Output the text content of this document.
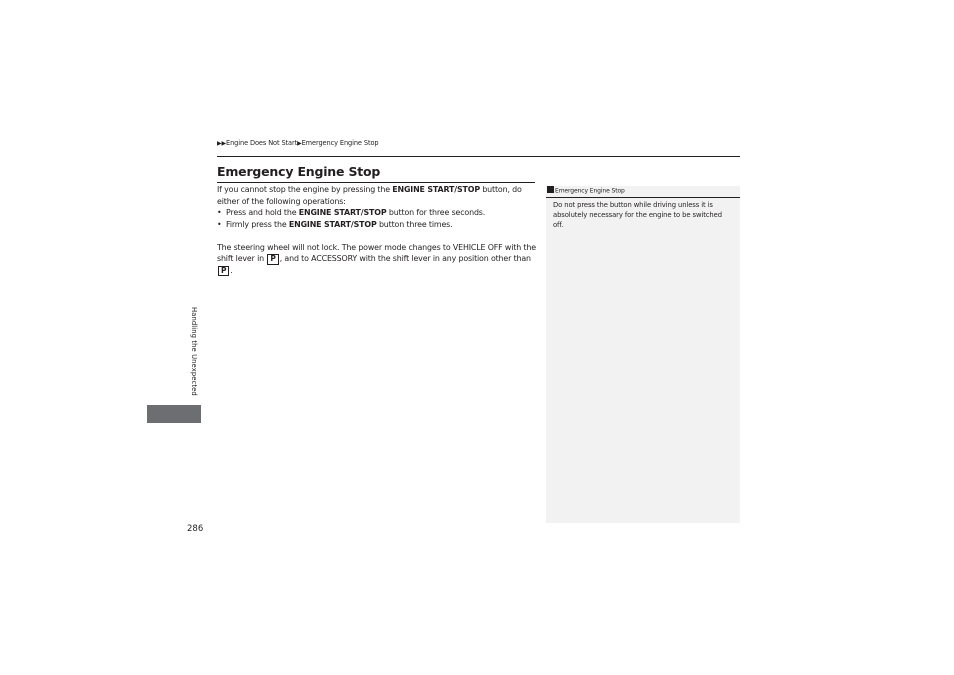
▶▶Engine Does Not Start▶Emergency Engine Stop
Emergency Engine Stop

If you cannot stop the engine by pressing the ENGINE START/STOP button, do either of the following operations:

• Press and hold the ENGINE START/STOP button for three seconds.
• Firmly press the ENGINE START/STOP button three times.

The steering wheel will not lock. The power mode changes to VEHICLE OFF with the shift lever in P , and to ACCESSORY with the shift lever in any position other than P .

Emergency Engine Stop
Do not press the button while driving unless it is absolutely necessary for the engine to be switched off.
Handling the Unexpected
286
